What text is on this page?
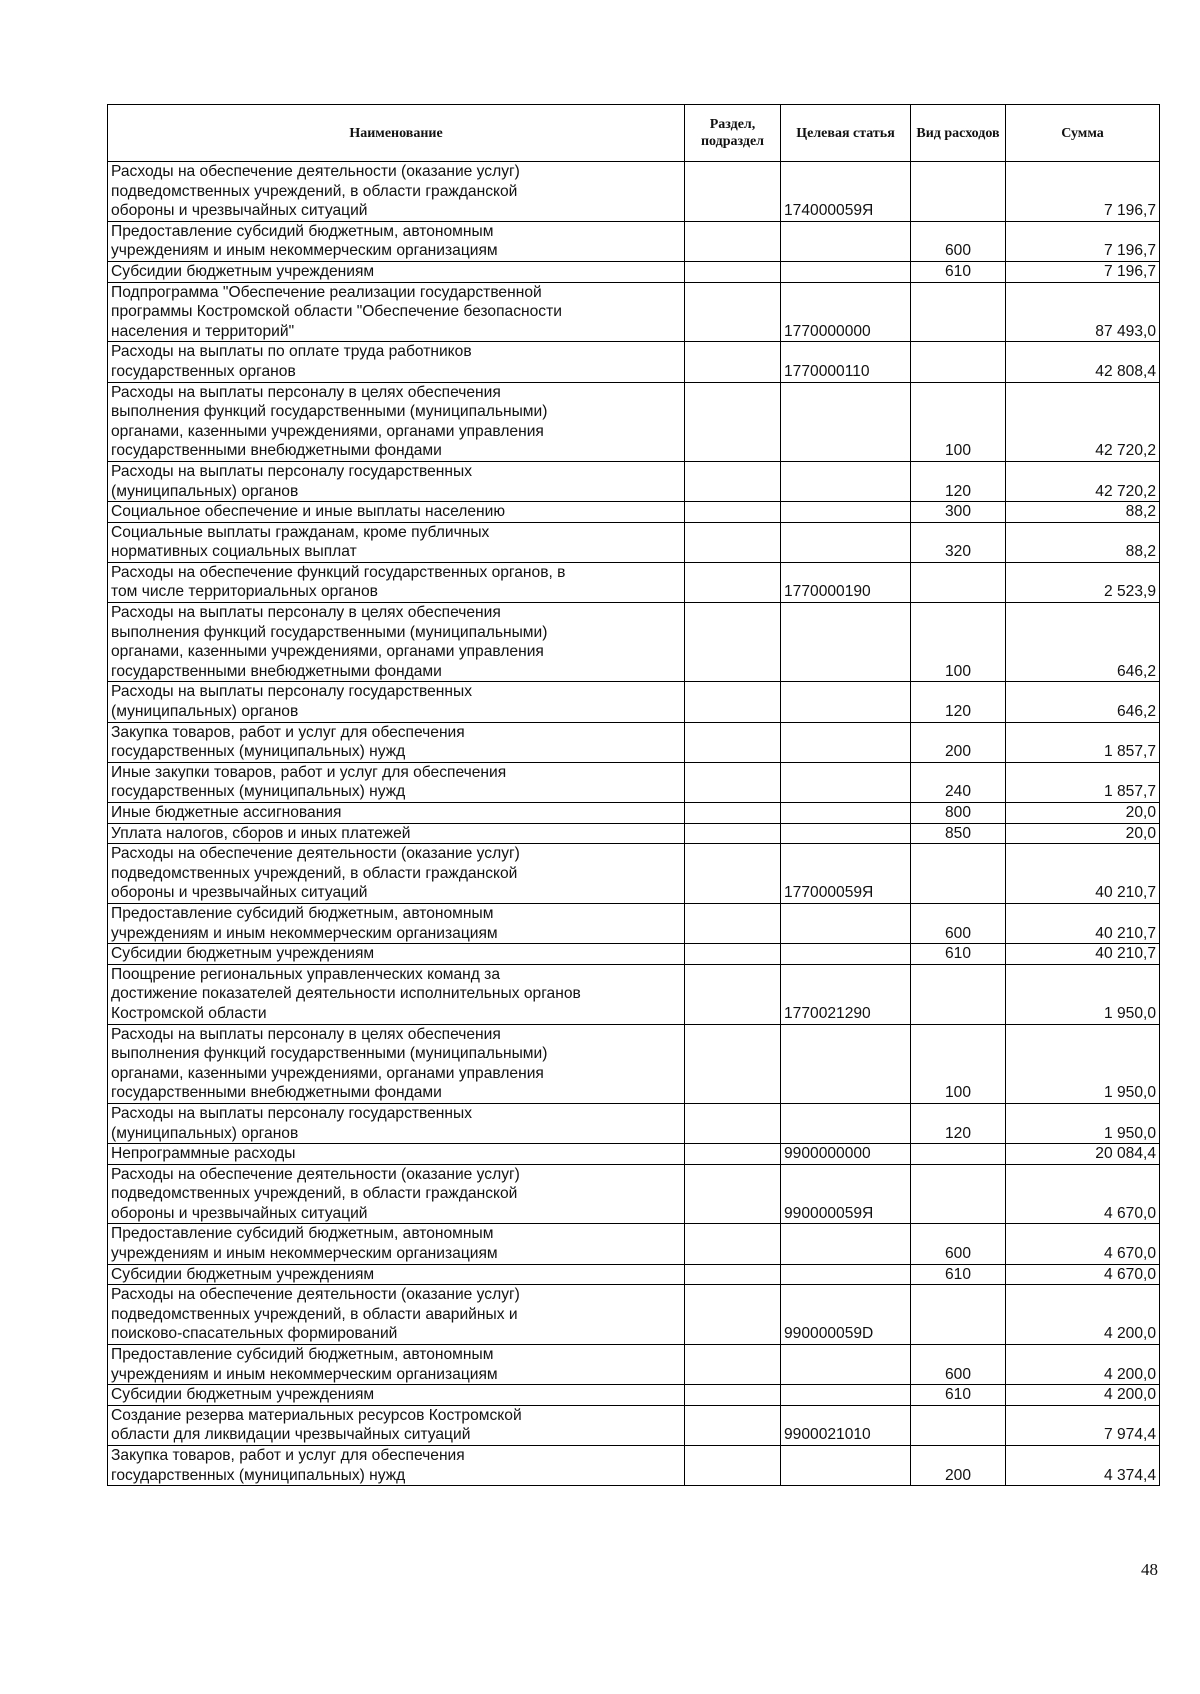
Наименование	Раздел, подраздел	Целевая статья	Вид расходов	Сумма
Расходы на обеспечение деятельности (оказание услуг)
подведомственных учреждений, в области гражданской
обороны и чрезвычайных ситуаций		174000059Я		7 196,7
Предоставление субсидий бюджетным, автономным
учреждениям и иным некоммерческим организациям			600	7 196,7
Субсидии бюджетным учреждениям			610	7 196,7
Подпрограмма "Обеспечение реализации государственной
программы Костромской области "Обеспечение безопасности
населения и территорий"		1770000000		87 493,0
Расходы на выплаты по оплате труда работников
государственных органов		1770000110		42 808,4
Расходы на выплаты персоналу в целях обеспечения
выполнения функций государственными (муниципальными)
органами, казенными учреждениями, органами управления
государственными внебюджетными фондами			100	42 720,2
Расходы на выплаты персоналу государственных
(муниципальных) органов			120	42 720,2
Социальное обеспечение и иные выплаты населению			300	88,2
Социальные выплаты гражданам, кроме публичных
нормативных социальных выплат			320	88,2
Расходы на обеспечение функций государственных органов, в
том числе территориальных органов		1770000190		2 523,9
Расходы на выплаты персоналу в целях обеспечения
выполнения функций государственными (муниципальными)
органами, казенными учреждениями, органами управления
государственными внебюджетными фондами			100	646,2
Расходы на выплаты персоналу государственных
(муниципальных) органов			120	646,2
Закупка товаров, работ и услуг для обеспечения
государственных (муниципальных) нужд			200	1 857,7
Иные закупки товаров, работ и услуг для обеспечения
государственных (муниципальных) нужд			240	1 857,7
Иные бюджетные ассигнования			800	20,0
Уплата налогов, сборов и иных платежей			850	20,0
Расходы на обеспечение деятельности (оказание услуг)
подведомственных учреждений, в области гражданской
обороны и чрезвычайных ситуаций		177000059Я		40 210,7
Предоставление субсидий бюджетным, автономным
учреждениям и иным некоммерческим организациям			600	40 210,7
Субсидии бюджетным учреждениям			610	40 210,7
Поощрение региональных управленческих команд за
достижение показателей деятельности исполнительных органов
Костромской области		1770021290		1 950,0
Расходы на выплаты персоналу в целях обеспечения
выполнения функций государственными (муниципальными)
органами, казенными учреждениями, органами управления
государственными внебюджетными фондами			100	1 950,0
Расходы на выплаты персоналу государственных
(муниципальных) органов			120	1 950,0
Непрограммные расходы		9900000000		20 084,4
Расходы на обеспечение деятельности (оказание услуг)
подведомственных учреждений, в области гражданской
обороны и чрезвычайных ситуаций		990000059Я		4 670,0
Предоставление субсидий бюджетным, автономным
учреждениям и иным некоммерческим организациям			600	4 670,0
Субсидии бюджетным учреждениям			610	4 670,0
Расходы на обеспечение деятельности (оказание услуг)
подведомственных учреждений, в области аварийных и
поисково-спасательных формирований		990000059D		4 200,0
Предоставление субсидий бюджетным, автономным
учреждениям и иным некоммерческим организациям			600	4 200,0
Субсидии бюджетным учреждениям			610	4 200,0
Создание резерва материальных ресурсов Костромской
области для ликвидации чрезвычайных ситуаций		9900021010		7 974,4
Закупка товаров, работ и услуг для обеспечения
государственных (муниципальных) нужд			200	4 374,4
48
